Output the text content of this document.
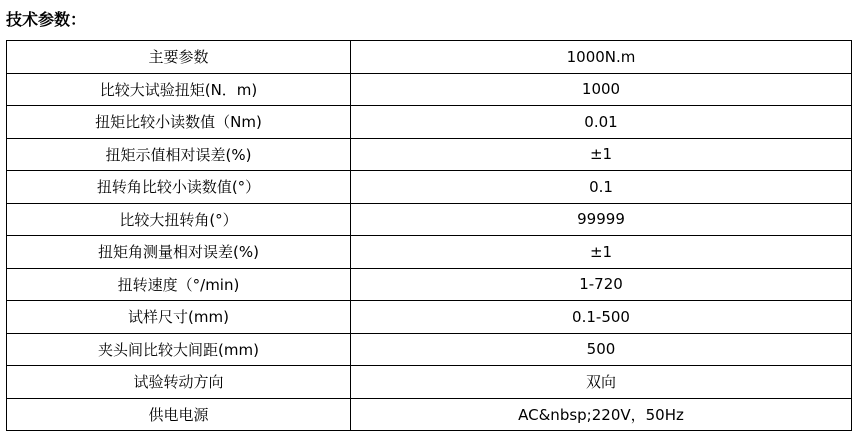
技术参数：
主要参数	1000N.m
比较大试验扭矩(N．m)	1000
扭矩比较小读数值（Nm)	0.01
扭矩示值相对误差(%)	±1
扭转角比较小读数值(°）	0.1
比较大扭转角(°）	99999
扭矩角测量相对误差(%)	±1
扭转速度（°/min)	1-720
试样尺寸(mm)	0.1-500
夹头间比较大间距(mm)	500
试验转动方向	双向
供电电源	AC&nbsp;220V，50Hz
